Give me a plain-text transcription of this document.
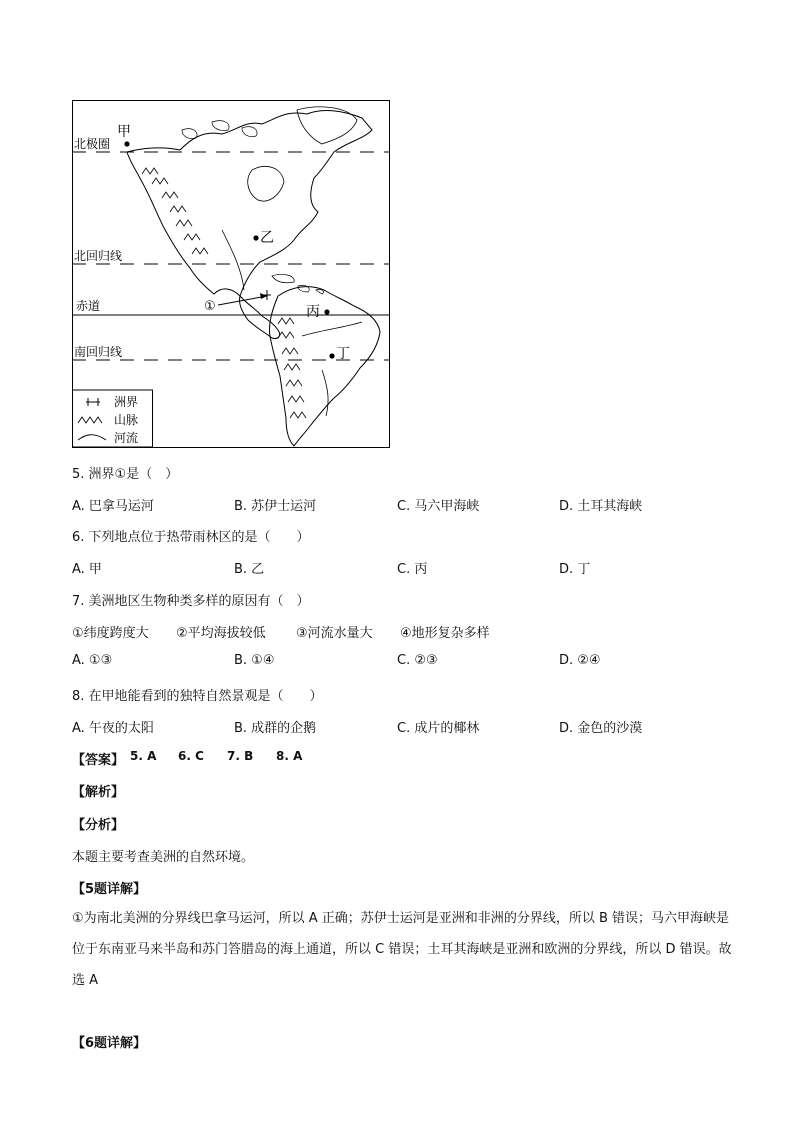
北极圈
甲
乙
北回归线
赤道	①	丙
南回归线	丁
洲界
山脉
河流
5. 洲界①是（　）
A. 巴拿马运河	B. 苏伊士运河	C. 马六甲海峡	D. 土耳其海峡
6. 下列地点位于热带雨林区的是（　　）
A. 甲	B. 乙	C. 丙	D. 丁
7. 美洲地区生物种类多样的原因有（　）
①纬度跨度大 ②平均海拔较低 ③河流水量大 ④地形复杂多样
A. ①③	B. ①④	C. ②③	D. ②④
8. 在甲地能看到的独特自然景观是（　　）
A. 午夜的太阳	B. 成群的企鹅	C. 成片的椰林	D. 金色的沙漠
【答案】 5. A 6. C 7. B 8. A
【解析】
【分析】
本题主要考查美洲的自然环境。
【5题详解】
①为南北美洲的分界线巴拿马运河，所以 A 正确；苏伊士运河是亚洲和非洲的分界线，所以 B 错误；马六甲海峡是位于东南亚马来半岛和苏门答腊岛的海上通道，所以 C 错误；土耳其海峡是亚洲和欧洲的分界线，所以 D 错误。故选 A
【6题详解】
